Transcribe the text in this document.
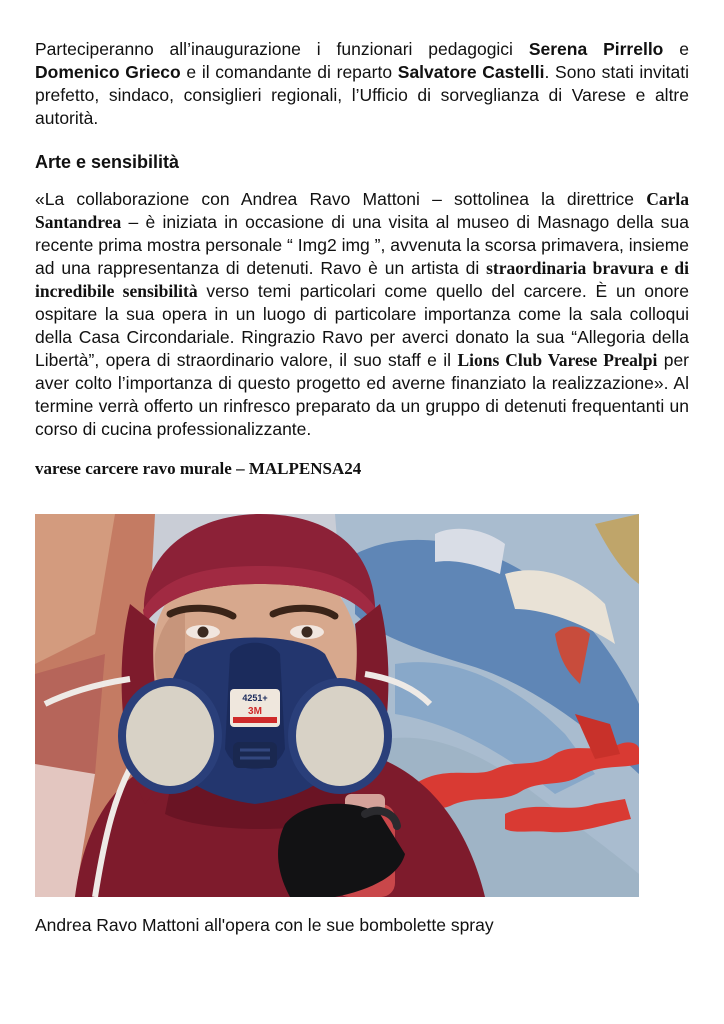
Parteciperanno all’inaugurazione i funzionari pedagogici Serena Pirrello e Domenico Grieco e il comandante di reparto Salvatore Castelli. Sono stati invitati prefetto, sindaco, consiglieri regionali, l’Ufficio di sorveglianza di Varese e altre autorità.

Arte e sensibilità

«La collaborazione con Andrea Ravo Mattoni – sottolinea la direttrice Carla Santandrea – è iniziata in occasione di una visita al museo di Masnago della sua recente prima mostra personale “ Img2 img ”, avvenuta la scorsa primavera, insieme ad una rappresentanza di detenuti. Ravo è un artista di straordinaria bravura e di incredibile sensibilità verso temi particolari come quello del carcere. È un onore ospitare la sua opera in un luogo di particolare importanza come la sala colloqui della Casa Circondariale. Ringrazio Ravo per averci donato la sua “Allegoria della Libertà”, opera di straordinario valore, il suo staff e il Lions Club Varese Prealpi per aver colto l’importanza di questo progetto ed averne finanziato la realizzazione». Al termine verrà offerto un rinfresco preparato da un gruppo di detenuti frequentanti un corso di cucina professionalizzante.

varese carcere ravo murale – MALPENSA24
4251+
3M
Andrea Ravo Mattoni all'opera con le sue bombolette spray
